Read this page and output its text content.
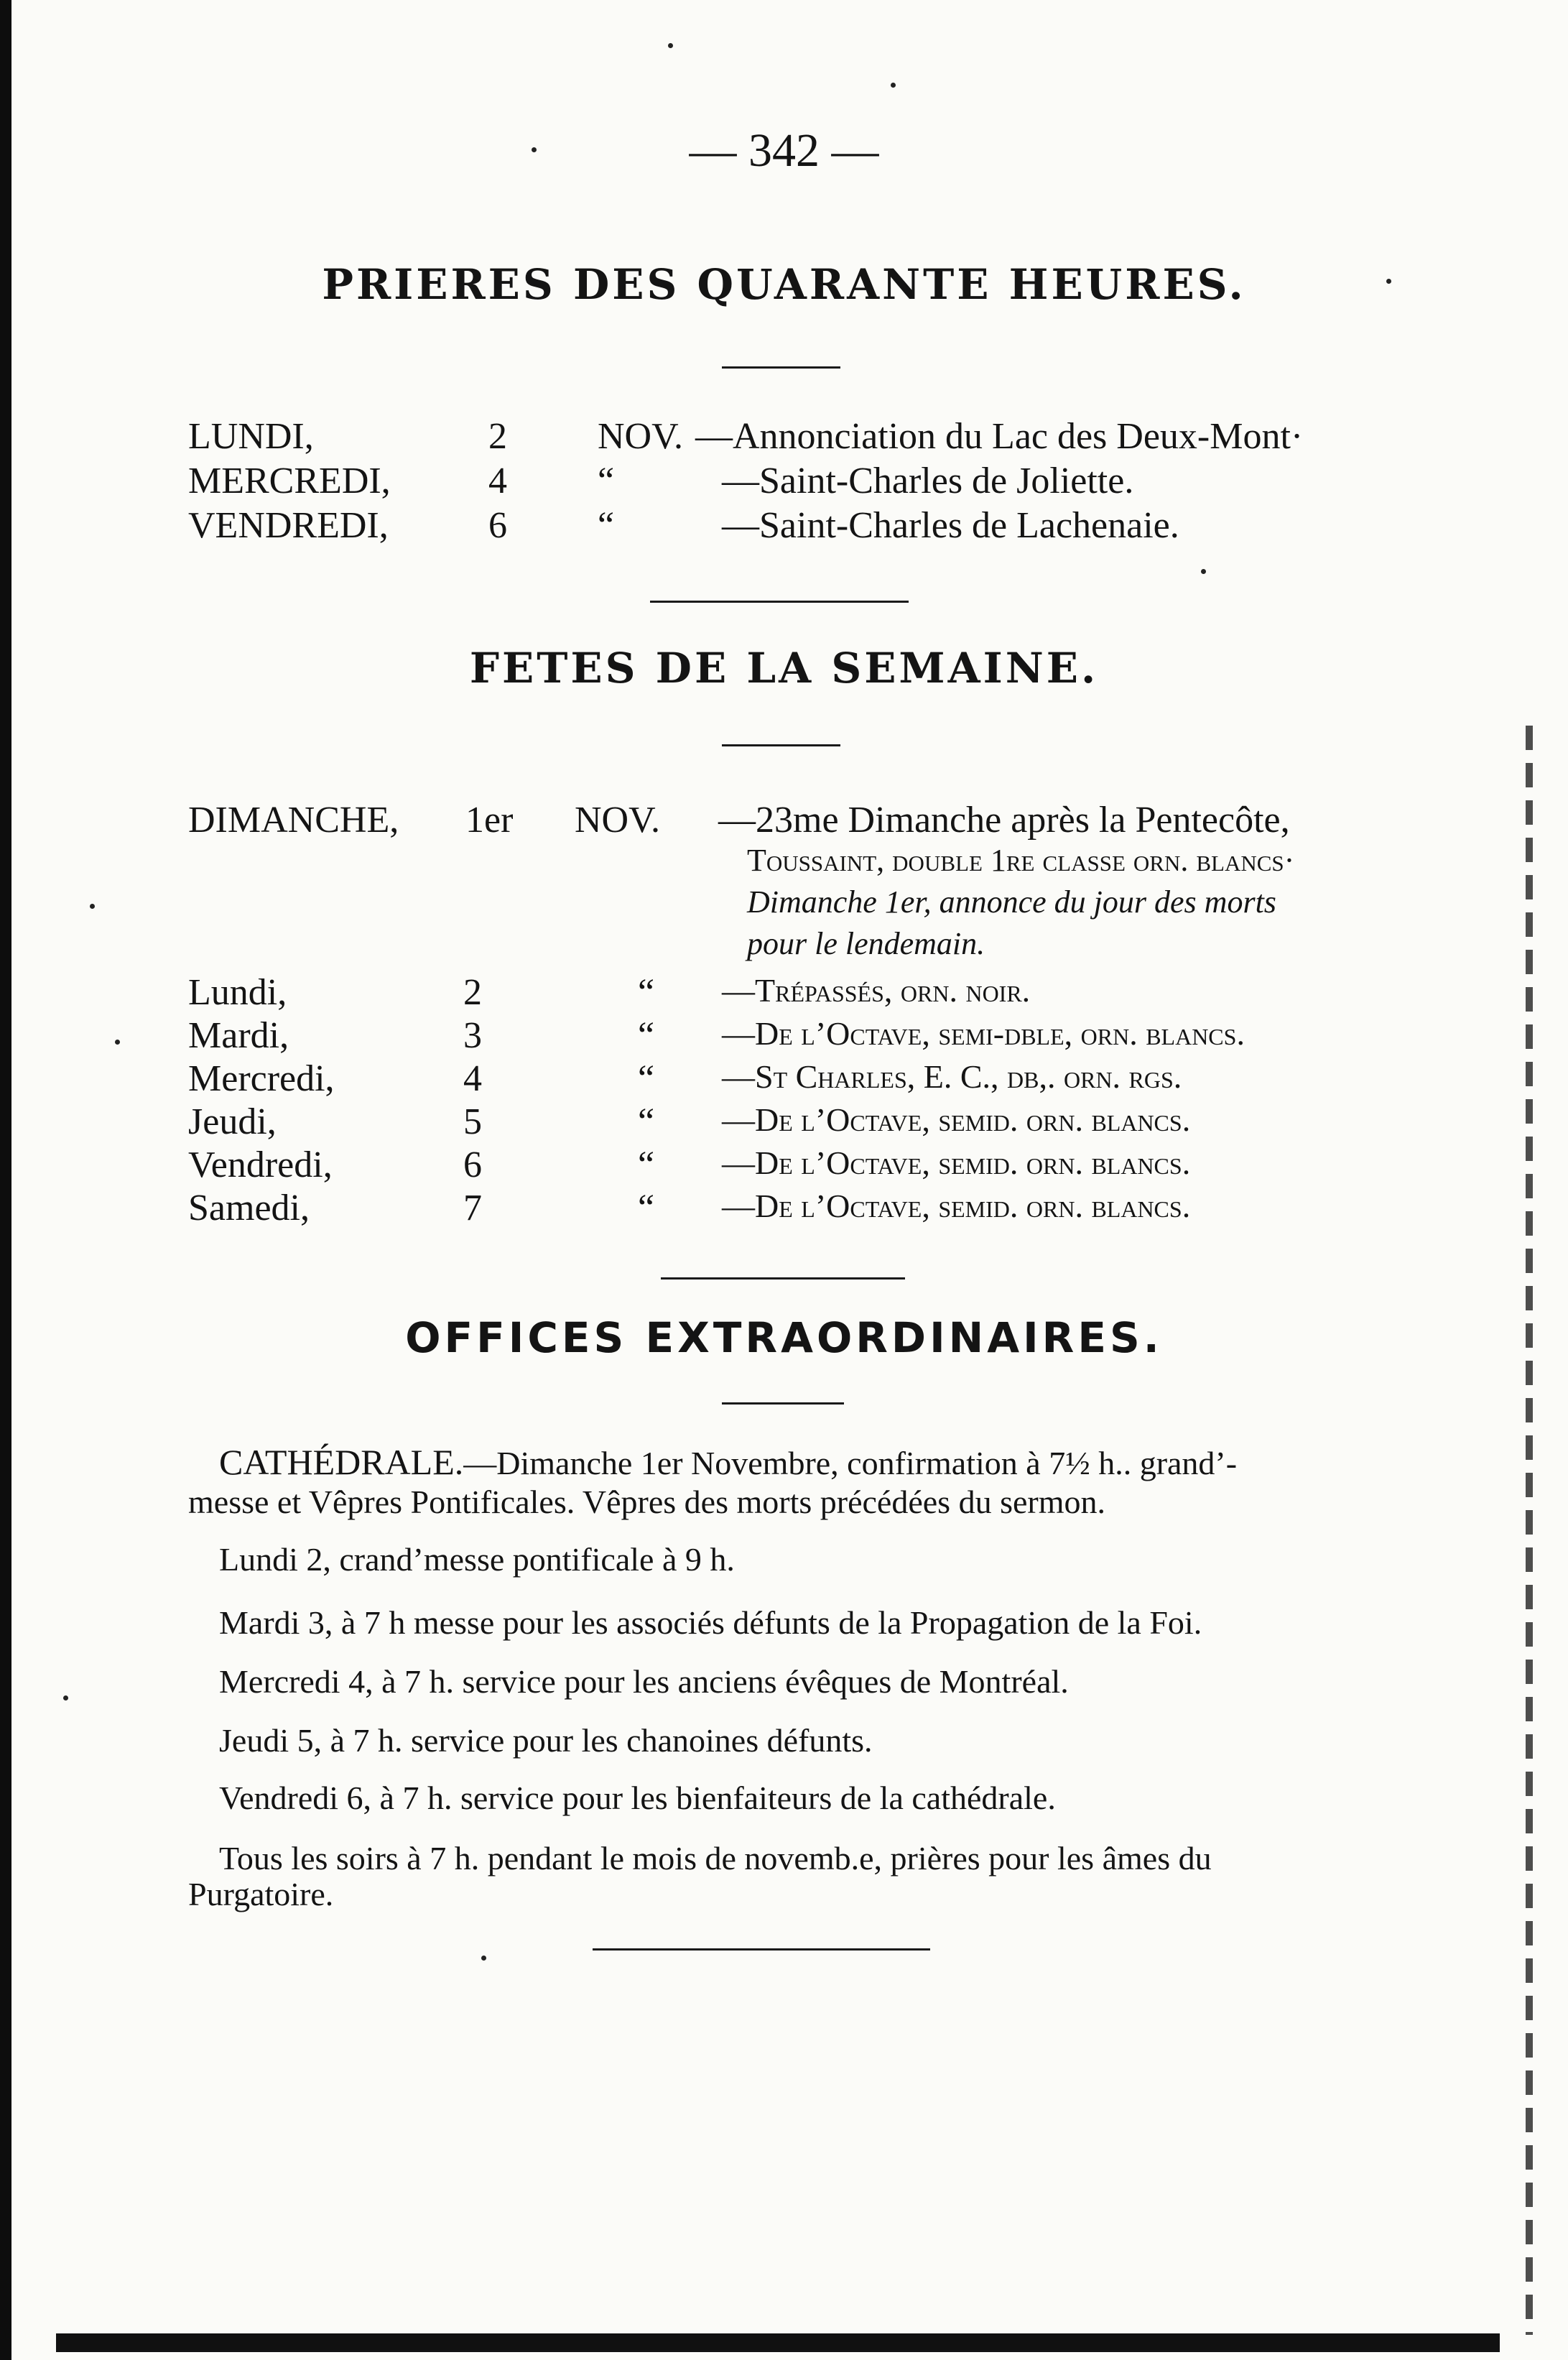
— 342 —
PRIERES DES QUARANTE HEURES.
LUNDI,	2 NOV. —Annonciation du Lac des Deux-Mont·
MERCREDI,	4 “	—Saint-Charles de Joliette.
VENDREDI,	6 “	—Saint-Charles de Lachenaie.
FETES DE LA SEMAINE.
DIMANCHE, 1er NOV. —23me Dimanche après la Pentecôte,
Toussaint, double 1re classe orn. blancs·
Dimanche 1er, annonce du jour des morts
pour le lendemain.
Lundi,	2	“ —Trépassés, orn. noir.
Mardi,	3	“ —De l’Octave, semi-dble, orn. blancs.
Mercredi,	4	“ —St Charles, E. C., db,. orn. rgs.
Jeudi,	5	“ —De l’Octave, semid. orn. blancs.
Vendredi,	6	“ —De l’Octave, semid. orn. blancs.
Samedi,	7	“ —De l’Octave, semid. orn. blancs.
OFFICES EXTRAORDINAIRES.
CATHÉDRALE.—Dimanche 1er Novembre, confirmation à 7½ h.. grand’-
messe et Vêpres Pontificales. Vêpres des morts précédées du sermon.
Lundi 2, crand’messe pontificale à 9 h.
Mardi 3, à 7 h messe pour les associés défunts de la Propagation de la Foi.
Mercredi 4, à 7 h. service pour les anciens évêques de Montréal.
Jeudi 5, à 7 h. service pour les chanoines défunts.
Vendredi 6, à 7 h. service pour les bienfaiteurs de la cathédrale.
Tous les soirs à 7 h. pendant le mois de novemb.e, prières pour les âmes du
Purgatoire.
